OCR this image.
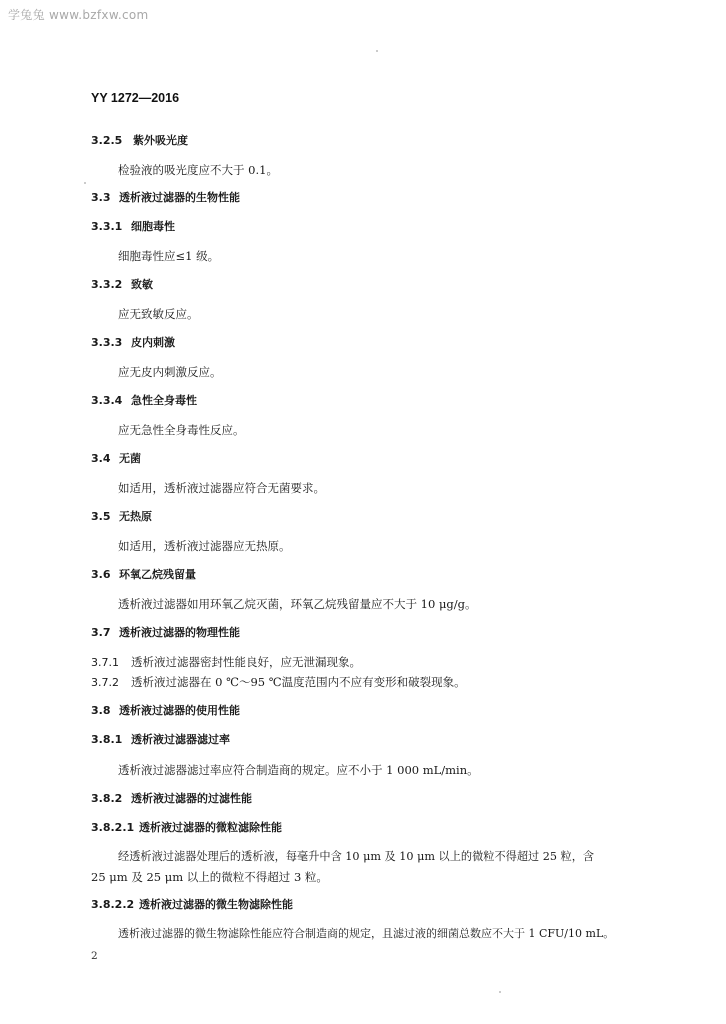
学兔兔 www.bzfxw.com
YY 1272—2016
3.2.5 紫外吸光度
检验液的吸光度应不大于 0.1。
3.3 透析液过滤器的生物性能
3.3.1 细胞毒性
细胞毒性应≤1 级。
3.3.2 致敏
应无致敏反应。
3.3.3 皮内刺激
应无皮内刺激反应。
3.3.4 急性全身毒性
应无急性全身毒性反应。
3.4 无菌
如适用，透析液过滤器应符合无菌要求。
3.5 无热原
如适用，透析液过滤器应无热原。
3.6 环氧乙烷残留量
透析液过滤器如用环氧乙烷灭菌，环氧乙烷残留量应不大于 10 μg/g。
3.7 透析液过滤器的物理性能
3.7.1 透析液过滤器密封性能良好，应无泄漏现象。
3.7.2 透析液过滤器在 0 ℃～95 ℃温度范围内不应有变形和破裂现象。
3.8 透析液过滤器的使用性能
3.8.1 透析液过滤器滤过率
透析液过滤器滤过率应符合制造商的规定。应不小于 1 000 mL/min。
3.8.2 透析液过滤器的过滤性能
3.8.2.1 透析液过滤器的微粒滤除性能
经透析液过滤器处理后的透析液，每毫升中含 10 μm 及 10 μm 以上的微粒不得超过 25 粒，含
25 μm 及 25 μm 以上的微粒不得超过 3 粒。
3.8.2.2 透析液过滤器的微生物滤除性能
透析液过滤器的微生物滤除性能应符合制造商的规定，且滤过液的细菌总数应不大于 1 CFU/10 mL。
2
